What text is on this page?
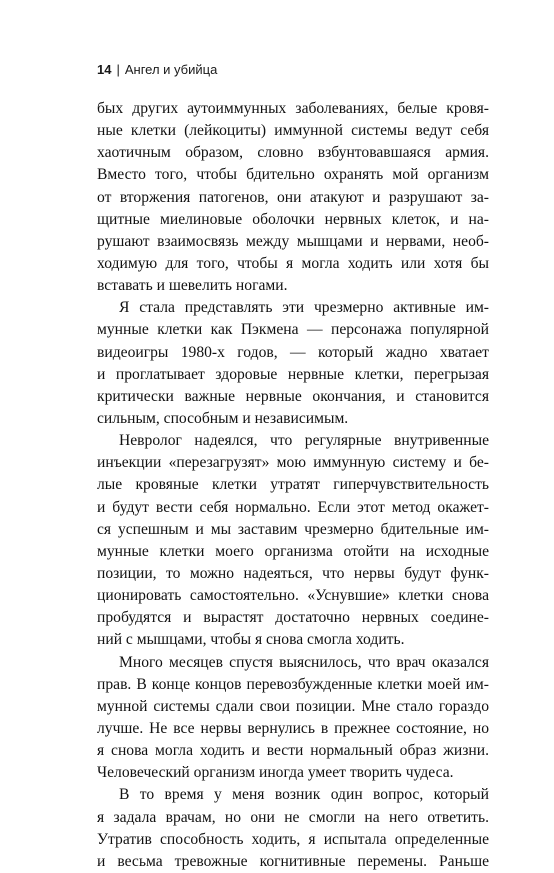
14 | Ангел и убийца
бых других аутоиммунных заболеваниях, белые кровя-
ные клетки (лейкоциты) иммунной системы ведут себя
хаотичным образом, словно взбунтовавшаяся армия.
Вместо того, чтобы бдительно охранять мой организм
от вторжения патогенов, они атакуют и разрушают за-
щитные миелиновые оболочки нервных клеток, и на-
рушают взаимосвязь между мышцами и нервами, необ-
ходимую для того, чтобы я могла ходить или хотя бы
вставать и шевелить ногами.
Я стала представлять эти чрезмерно активные им-
мунные клетки как Пэкмена — персонажа популярной
видеоигры 1980-х годов, — который жадно хватает
и проглатывает здоровые нервные клетки, перегрызая
критически важные нервные окончания, и становится
сильным, способным и независимым.
Невролог надеялся, что регулярные внутривенные
инъекции «перезагрузят» мою иммунную систему и бе-
лые кровяные клетки утратят гиперчувствительность
и будут вести себя нормально. Если этот метод окажет-
ся успешным и мы заставим чрезмерно бдительные им-
мунные клетки моего организма отойти на исходные
позиции, то можно надеяться, что нервы будут функ-
ционировать самостоятельно. «Уснувшие» клетки снова
пробудятся и вырастят достаточно нервных соедине-
ний с мышцами, чтобы я снова смогла ходить.
Много месяцев спустя выяснилось, что врач оказался
прав. В конце концов перевозбужденные клетки моей им-
мунной системы сдали свои позиции. Мне стало гораздо
лучше. Не все нервы вернулись в прежнее состояние, но
я снова могла ходить и вести нормальный образ жизни.
Человеческий организм иногда умеет творить чудеса.
В то время у меня возник один вопрос, который
я задала врачам, но они не смогли на него ответить.
Утратив способность ходить, я испытала определенные
и весьма тревожные когнитивные перемены. Раньше
